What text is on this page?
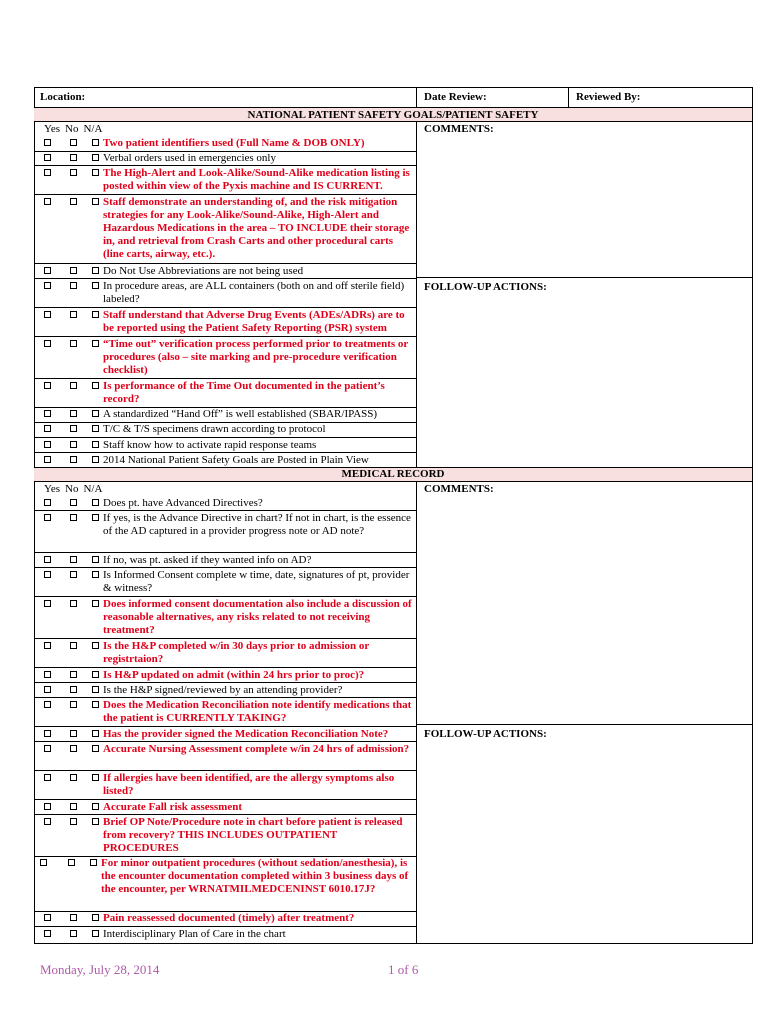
Location:	Date Review:	Reviewed By:
NATIONAL PATIENT SAFETY GOALS/PATIENT SAFETY
Yes No N/A	COMMENTS:
FOLLOW-UP ACTIONS:
Two patient identifiers used (Full Name & DOB ONLY)
Verbal orders used in emergencies only
The High-Alert and Look-Alike/Sound-Alike medication listing is posted within view of the Pyxis machine and IS CURRENT.
Staff demonstrate an understanding of, and the risk mitigation strategies for any Look-Alike/Sound-Alike, High-Alert and Hazardous Medications in the area – TO INCLUDE their storage in, and retrieval from Crash Carts and other procedural carts (line carts, airway, etc.).
Do Not Use Abbreviations are not being used
In procedure areas, are ALL containers (both on and off sterile field) labeled?
Staff understand that Adverse Drug Events (ADEs/ADRs) are to be reported using the Patient Safety Reporting (PSR) system
“Time out” verification process performed prior to treatments or procedures (also – site marking and pre-procedure verification checklist)
Is performance of the Time Out documented in the patient’s record?
A standardized “Hand Off” is well established (SBAR/IPASS)
T/C & T/S specimens drawn according to protocol
Staff know how to activate rapid response teams
2014 National Patient Safety Goals are Posted in Plain View
MEDICAL RECORD
Yes No N/A	COMMENTS:
FOLLOW-UP ACTIONS:
Does pt. have Advanced Directives?
If yes, is the Advance Directive in chart? If not in chart, is the essence of the AD captured in a provider progress note or AD note?
If no, was pt. asked if they wanted info on AD?
Is Informed Consent complete w time, date, signatures of pt, provider & witness?
Does informed consent documentation also include a discussion of reasonable alternatives, any risks related to not receiving treatment?
Is the H&P completed w/in 30 days prior to admission or registrtaion?
Is H&P updated on admit (within 24 hrs prior to proc)?
Is the H&P signed/reviewed by an attending provider?
Does the Medication Reconciliation note identify medications that the patient is CURRENTLY TAKING?
Has the provider signed the Medication Reconciliation Note?
Accurate Nursing Assessment complete w/in 24 hrs of admission?
If allergies have been identified, are the allergy symptoms also listed?
Accurate Fall risk assessment
Brief OP Note/Procedure note in chart before patient is released from recovery? THIS INCLUDES OUTPATIENT PROCEDURES
For minor outpatient procedures (without sedation/anesthesia), is the encounter documentation completed within 3 business days of the encounter, per WRNATMILMEDCENINST 6010.17J?
Pain reassessed documented (timely) after treatment?
Interdisciplinary Plan of Care in the chart
Monday, July 28, 2014	1 of 6
